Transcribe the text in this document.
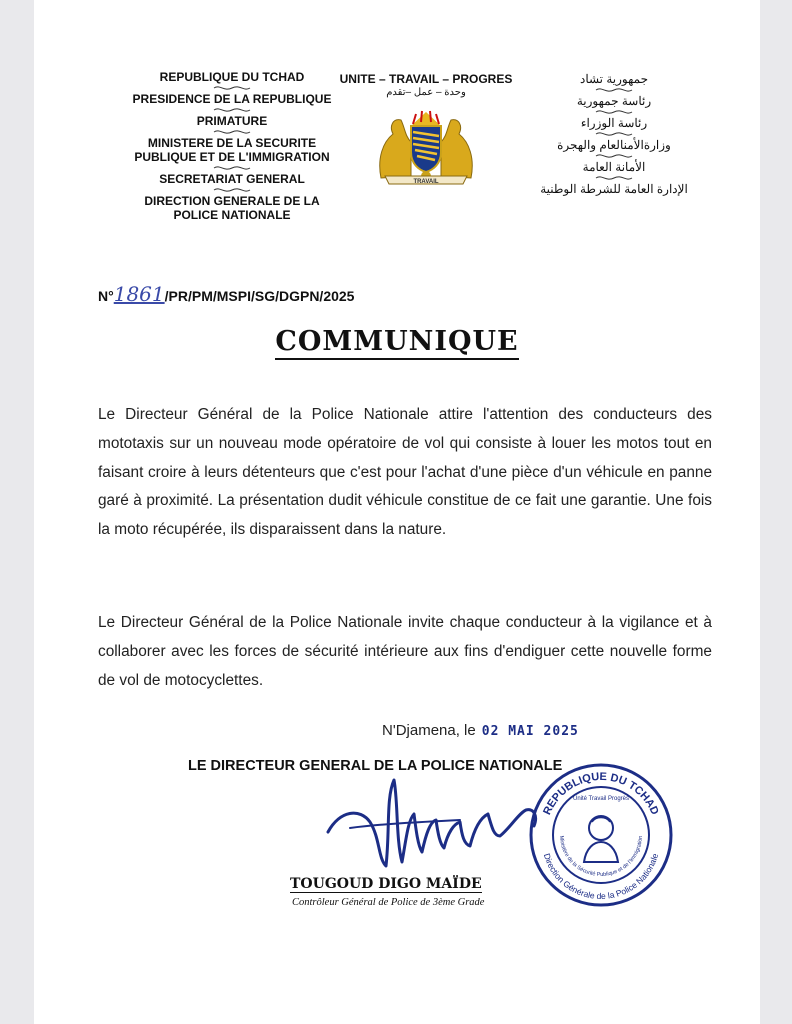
REPUBLIQUE DU TCHAD
PRESIDENCE DE LA REPUBLIQUE
PRIMATURE
MINISTERE DE LA SECURITE
PUBLIQUE ET DE L'IMMIGRATION
SECRETARIAT GENERAL
DIRECTION GENERALE DE LA
POLICE NATIONALE
UNITE – TRAVAIL – PROGRES
وحدة – عمل –تقدم
TRAVAIL
جمهورية تشاد
رئاسة جمهورية
رئاسة الوزراء
وزارةالأمنالعام والهجرة
الأمانة العامة
الإدارة العامة للشرطة الوطنية
N°1861/PR/PM/MSPI/SG/DGPN/2025
COMMUNIQUE
Le Directeur Général de la Police Nationale attire l'attention des conducteurs des mototaxis sur un nouveau mode opératoire de vol qui consiste à louer les motos tout en faisant croire à leurs détenteurs que c'est pour l'achat d'une pièce d'un véhicule en panne garé à proximité. La présentation dudit véhicule constitue de ce fait une garantie. Une fois la moto récupérée, ils disparaissent dans la nature.
Le Directeur Général de la Police Nationale invite chaque conducteur à la vigilance et à collaborer avec les forces de sécurité intérieure aux fins d'endiguer cette nouvelle forme de vol de motocyclettes.
N'Djamena, le 02 MAI 2025
LE DIRECTEUR GENERAL DE LA POLICE NATIONALE
REPUBLIQUE DU TCHAD
Direction Générale de la Police Nationale
Ministère de la Sécurité Publique et de l'Immigration
Unité Travail Progrès
TOUGOUD DIGO MAÏDE
Contrôleur Général de Police de 3ème Grade
